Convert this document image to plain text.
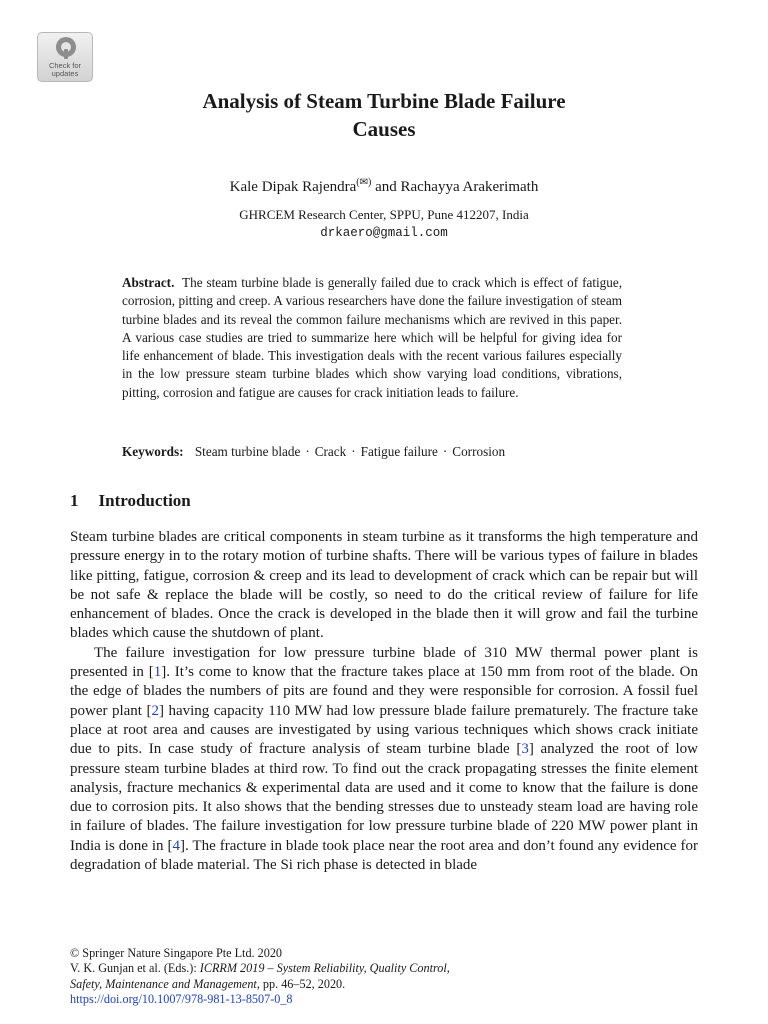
Check for
updates
Analysis of Steam Turbine Blade Failure
Causes
Kale Dipak Rajendra(✉) and Rachayya Arakerimath
GHRCEM Research Center, SPPU, Pune 412207, India
drkaero@gmail.com

Abstract. The steam turbine blade is generally failed due to crack which is effect of fatigue, corrosion, pitting and creep. A various researchers have done the failure investigation of steam turbine blades and its reveal the common failure mechanisms which are revived in this paper. A various case studies are tried to summarize here which will be helpful for giving idea for life enhancement of blade. This investigation deals with the recent various failures especially in the low pressure steam turbine blades which show varying load conditions, vibrations, pitting, corrosion and fatigue are causes for crack initiation leads to failure.

Keywords: Steam turbine blade · Crack · Fatigue failure · Corrosion
1 Introduction

Steam turbine blades are critical components in steam turbine as it transforms the high temperature and pressure energy in to the rotary motion of turbine shafts. There will be various types of failure in blades like pitting, fatigue, corrosion & creep and its lead to development of crack which can be repair but will be not safe & replace the blade will be costly, so need to do the critical review of failure for life enhancement of blades. Once the crack is developed in the blade then it will grow and fail the turbine blades which cause the shutdown of plant.

The failure investigation for low pressure turbine blade of 310 MW thermal power plant is presented in [1]. It’s come to know that the fracture takes place at 150 mm from root of the blade. On the edge of blades the numbers of pits are found and they were responsible for corrosion. A fossil fuel power plant [2] having capacity 110 MW had low pressure blade failure prematurely. The fracture take place at root area and causes are investigated by using various techniques which shows crack initiate due to pits. In case study of fracture analysis of steam turbine blade [3] analyzed the root of low pressure steam turbine blades at third row. To find out the crack propagating stresses the finite element analysis, fracture mechanics & experimental data are used and it come to know that the failure is done due to corrosion pits. It also shows that the bending stresses due to unsteady steam load are having role in failure of blades. The failure investigation for low pressure turbine blade of 220 MW power plant in India is done in [4]. The fracture in blade took place near the root area and don’t found any evidence for degradation of blade material. The Si rich phase is detected in blade

© Springer Nature Singapore Pte Ltd. 2020
V. K. Gunjan et al. (Eds.): ICRRM 2019 – System Reliability, Quality Control,
Safety, Maintenance and Management, pp. 46–52, 2020.
https://doi.org/10.1007/978-981-13-8507-0_8
